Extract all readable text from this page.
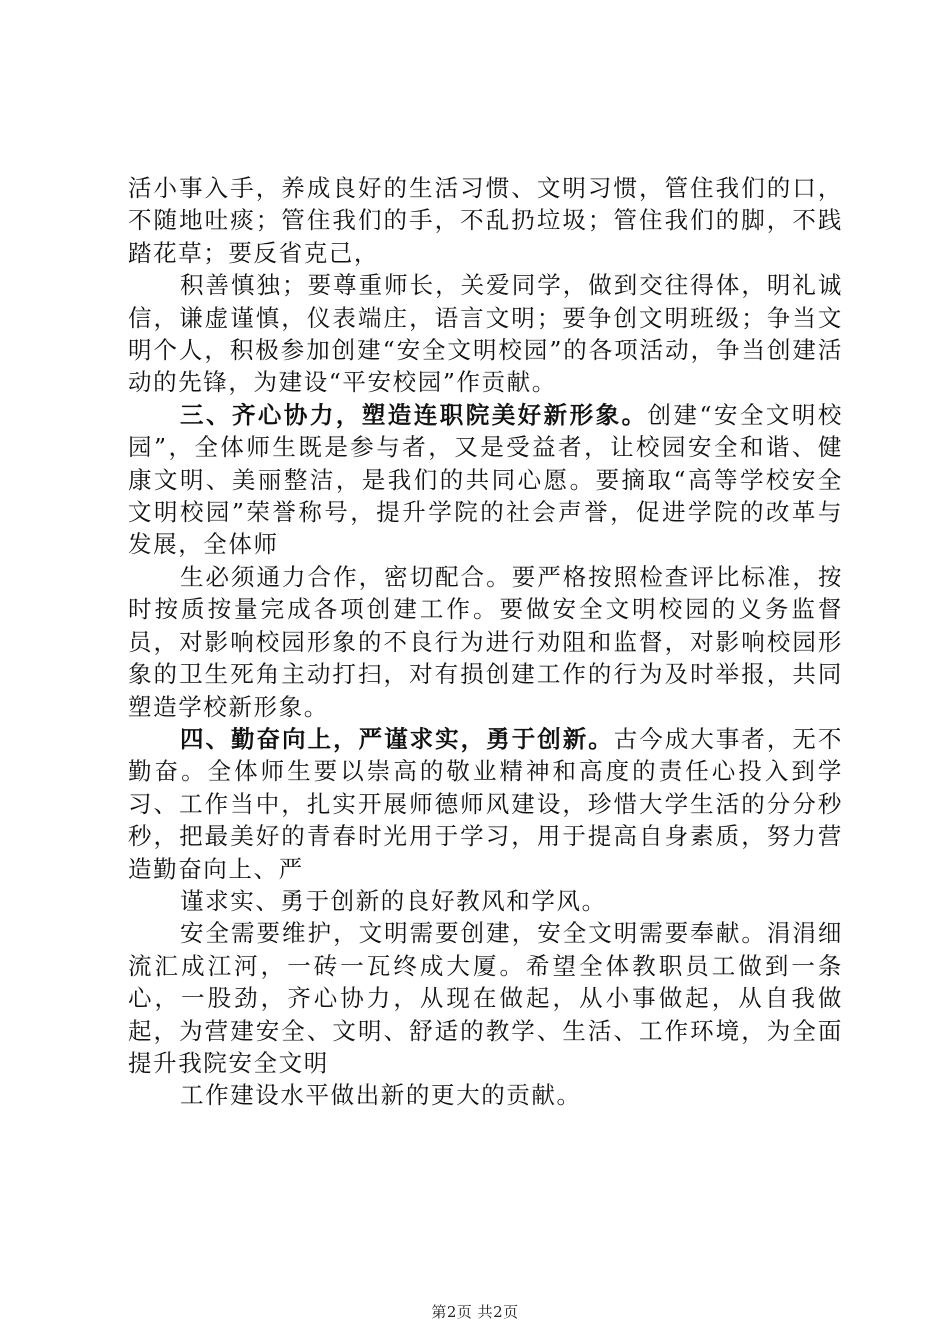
活小事入手，养成良好的生活习惯、文明习惯，管住我们的口，不随地吐痰；管住我们的手，不乱扔垃圾；管住我们的脚，不践踏花草；要反省克己，

积善慎独；要尊重师长，关爱同学，做到交往得体，明礼诚信，谦虚谨慎，仪表端庄，语言文明；要争创文明班级；争当文明个人，积极参加创建“安全文明校园”的各项活动，争当创建活动的先锋，为建设“平安校园”作贡献。

三、齐心协力，塑造连职院美好新形象。创建“安全文明校园”，全体师生既是参与者，又是受益者，让校园安全和谐、健康文明、美丽整洁，是我们的共同心愿。要摘取“高等学校安全文明校园”荣誉称号，提升学院的社会声誉，促进学院的改革与发展，全体师

生必须通力合作，密切配合。要严格按照检查评比标准，按时按质按量完成各项创建工作。要做安全文明校园的义务监督员，对影响校园形象的不良行为进行劝阻和监督，对影响校园形象的卫生死角主动打扫，对有损创建工作的行为及时举报，共同塑造学校新形象。

四、勤奋向上，严谨求实，勇于创新。古今成大事者，无不勤奋。全体师生要以崇高的敬业精神和高度的责任心投入到学习、工作当中，扎实开展师德师风建设，珍惜大学生活的分分秒秒，把最美好的青春时光用于学习，用于提高自身素质，努力营造勤奋向上、严

谨求实、勇于创新的良好教风和学风。

安全需要维护，文明需要创建，安全文明需要奉献。涓涓细流汇成江河，一砖一瓦终成大厦。希望全体教职员工做到一条心，一股劲，齐心协力，从现在做起，从小事做起，从自我做起，为营建安全、文明、舒适的教学、生活、工作环境，为全面提升我院安全文明

工作建设水平做出新的更大的贡献。

第2页 共2页
